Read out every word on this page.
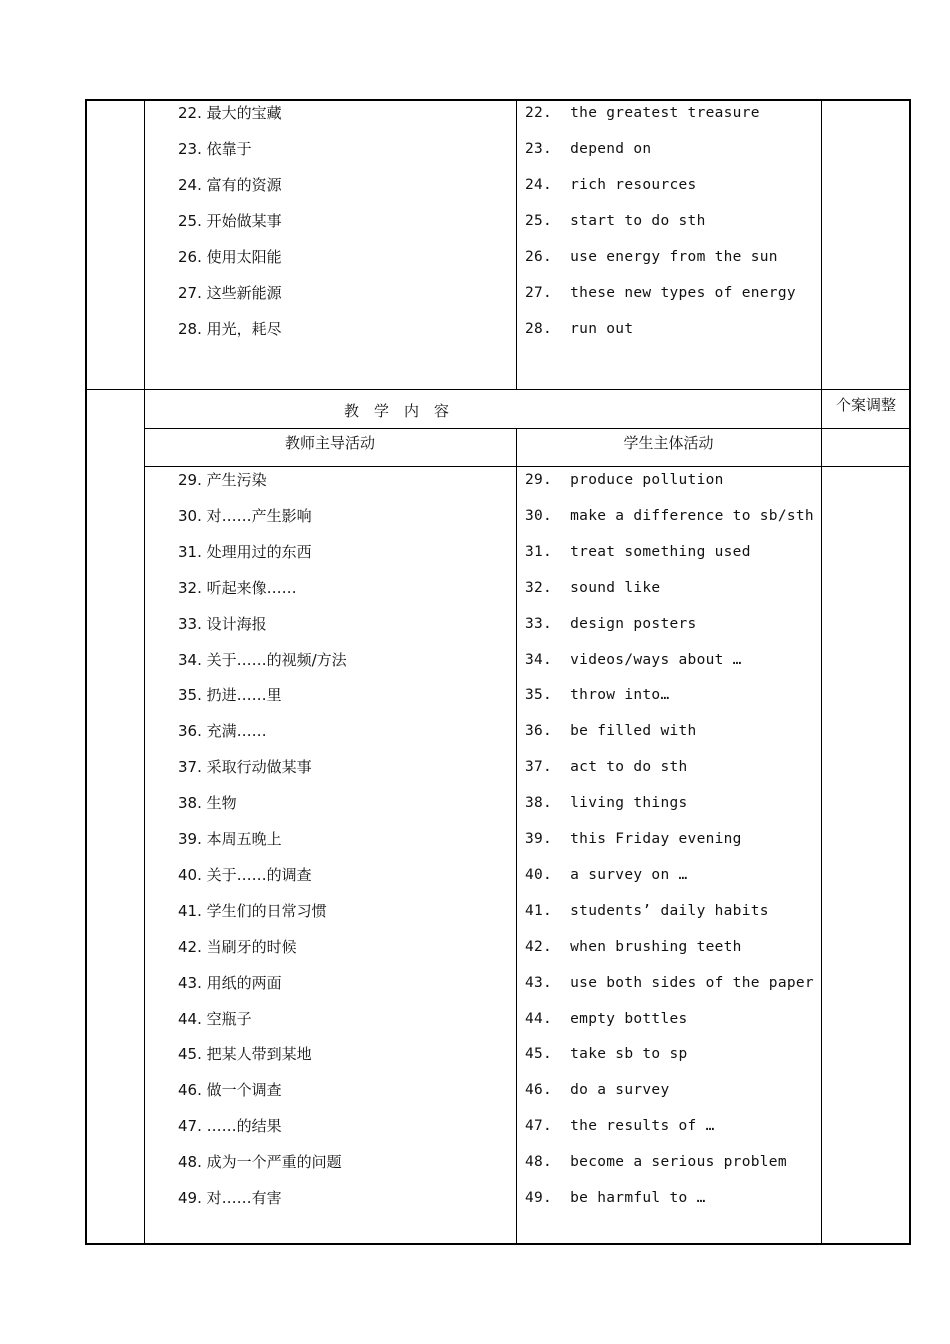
教　学　内　容	个案调整
教师主导活动	学生主体活动
22. 最大的宝藏	22.  the greatest treasure
23. 依靠于	23.  depend on
24. 富有的资源	24.  rich resources
25. 开始做某事	25.  start to do sth
26. 使用太阳能	26.  use energy from the sun
27. 这些新能源	27.  these new types of energy
28. 用光，耗尽	28.  run out
29. 产生污染	29.  produce pollution
30. 对……产生影响	30.  make a difference to sb/sth
31. 处理用过的东西	31.  treat something used
32. 听起来像……	32.  sound like
33. 设计海报	33.  design posters
34. 关于……的视频/方法	34.  videos/ways about …
35. 扔进……里	35.  throw into…
36. 充满……	36.  be filled with
37. 采取行动做某事	37.  act to do sth
38. 生物	38.  living things
39. 本周五晚上	39.  this Friday evening
40. 关于……的调查	40.  a survey on …
41. 学生们的日常习惯	41.  students’ daily habits
42. 当刷牙的时候	42.  when brushing teeth
43. 用纸的两面	43.  use both sides of the paper
44. 空瓶子	44.  empty bottles
45. 把某人带到某地	45.  take sb to sp
46. 做一个调查	46.  do a survey
47. ……的结果	47.  the results of …
48. 成为一个严重的问题	48.  become a serious problem
49. 对……有害	49.  be harmful to …
